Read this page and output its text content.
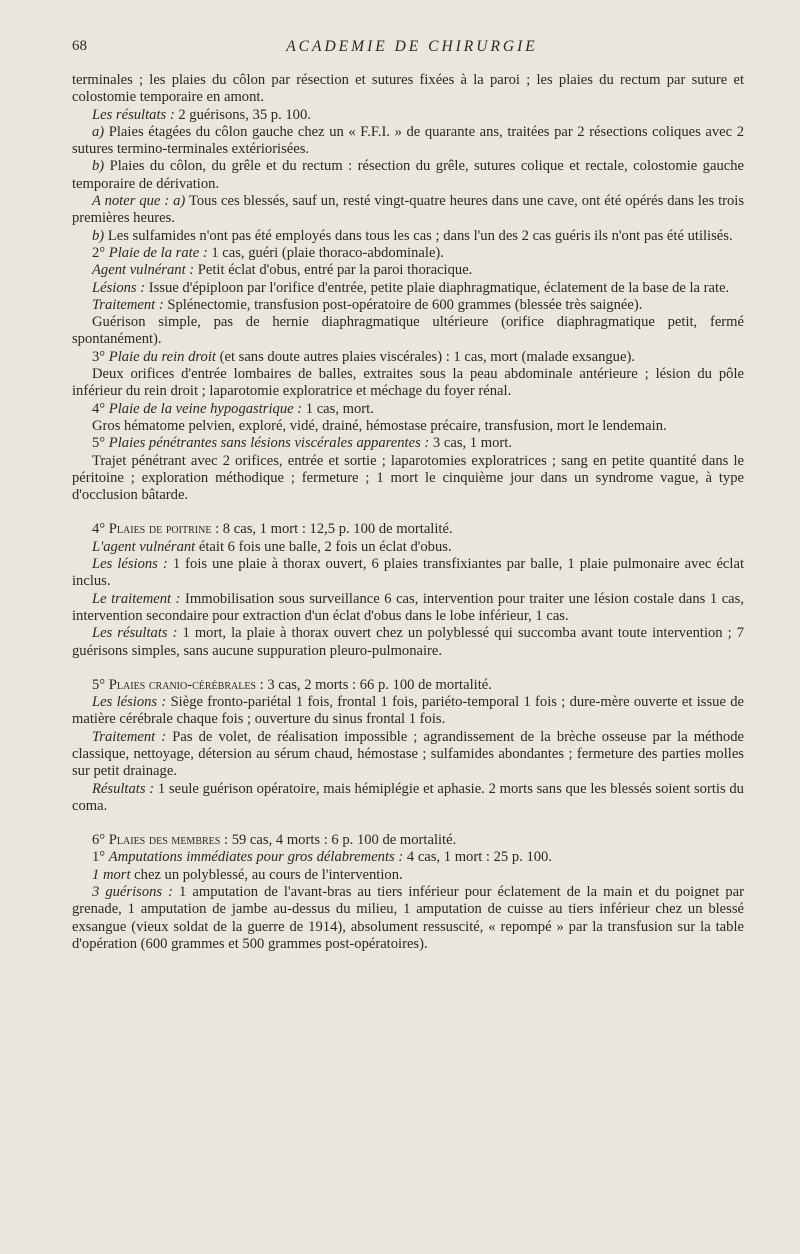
68	ACADEMIE DE CHIRURGIE

terminales ; les plaies du côlon par résection et sutures fixées à la paroi ; les plaies du rectum par suture et colostomie temporaire en amont.

Les résultats : 2 guérisons, 35 p. 100.

a) Plaies étagées du côlon gauche chez un « F.F.I. » de quarante ans, traitées par 2 résections coliques avec 2 sutures termino-terminales extériorisées.

b) Plaies du côlon, du grêle et du rectum : résection du grêle, sutures colique et rectale, colostomie gauche temporaire de dérivation.

A noter que : a) Tous ces blessés, sauf un, resté vingt-quatre heures dans une cave, ont été opérés dans les trois premières heures.

b) Les sulfamides n'ont pas été employés dans tous les cas ; dans l'un des 2 cas guéris ils n'ont pas été utilisés.

2° Plaie de la rate : 1 cas, guéri (plaie thoraco-abdominale).

Agent vulnérant : Petit éclat d'obus, entré par la paroi thoracique.

Lésions : Issue d'épiploon par l'orifice d'entrée, petite plaie diaphragmatique, éclatement de la base de la rate.

Traitement : Splénectomie, transfusion post-opératoire de 600 grammes (blessée très saignée).

Guérison simple, pas de hernie diaphragmatique ultérieure (orifice diaphragmatique petit, fermé spontanément).

3° Plaie du rein droit (et sans doute autres plaies viscérales) : 1 cas, mort (malade exsangue).

Deux orifices d'entrée lombaires de balles, extraites sous la peau abdominale antérieure ; lésion du pôle inférieur du rein droit ; laparotomie exploratrice et méchage du foyer rénal.

4° Plaie de la veine hypogastrique : 1 cas, mort.

Gros hématome pelvien, exploré, vidé, drainé, hémostase précaire, transfusion, mort le lendemain.

5° Plaies pénétrantes sans lésions viscérales apparentes : 3 cas, 1 mort.

Trajet pénétrant avec 2 orifices, entrée et sortie ; laparotomies exploratrices ; sang en petite quantité dans le péritoine ; exploration méthodique ; fermeture ; 1 mort le cinquième jour dans un syndrome vague, à type d'occlusion bâtarde.

4° Plaies de poitrine : 8 cas, 1 mort : 12,5 p. 100 de mortalité.

L'agent vulnérant était 6 fois une balle, 2 fois un éclat d'obus.

Les lésions : 1 fois une plaie à thorax ouvert, 6 plaies transfixiantes par balle, 1 plaie pulmonaire avec éclat inclus.

Le traitement : Immobilisation sous surveillance 6 cas, intervention pour traiter une lésion costale dans 1 cas, intervention secondaire pour extraction d'un éclat d'obus dans le lobe inférieur, 1 cas.

Les résultats : 1 mort, la plaie à thorax ouvert chez un polyblessé qui succomba avant toute intervention ; 7 guérisons simples, sans aucune suppuration pleuro-pulmonaire.

5° Plaies cranio-cérébrales : 3 cas, 2 morts : 66 p. 100 de mortalité.

Les lésions : Siège fronto-pariétal 1 fois, frontal 1 fois, pariéto-temporal 1 fois ; dure-mère ouverte et issue de matière cérébrale chaque fois ; ouverture du sinus frontal 1 fois.

Traitement : Pas de volet, de réalisation impossible ; agrandissement de la brèche osseuse par la méthode classique, nettoyage, détersion au sérum chaud, hémostase ; sulfamides abondantes ; fermeture des parties molles sur petit drainage.

Résultats : 1 seule guérison opératoire, mais hémiplégie et aphasie. 2 morts sans que les blessés soient sortis du coma.

6° Plaies des membres : 59 cas, 4 morts : 6 p. 100 de mortalité.

1° Amputations immédiates pour gros délabrements : 4 cas, 1 mort : 25 p. 100.

1 mort chez un polyblessé, au cours de l'intervention.

3 guérisons : 1 amputation de l'avant-bras au tiers inférieur pour éclatement de la main et du poignet par grenade, 1 amputation de jambe au-dessus du milieu, 1 amputation de cuisse au tiers inférieur chez un blessé exsangue (vieux soldat de la guerre de 1914), absolument ressuscité, « repompé » par la transfusion sur la table d'opération (600 grammes et 500 grammes post-opératoires).
